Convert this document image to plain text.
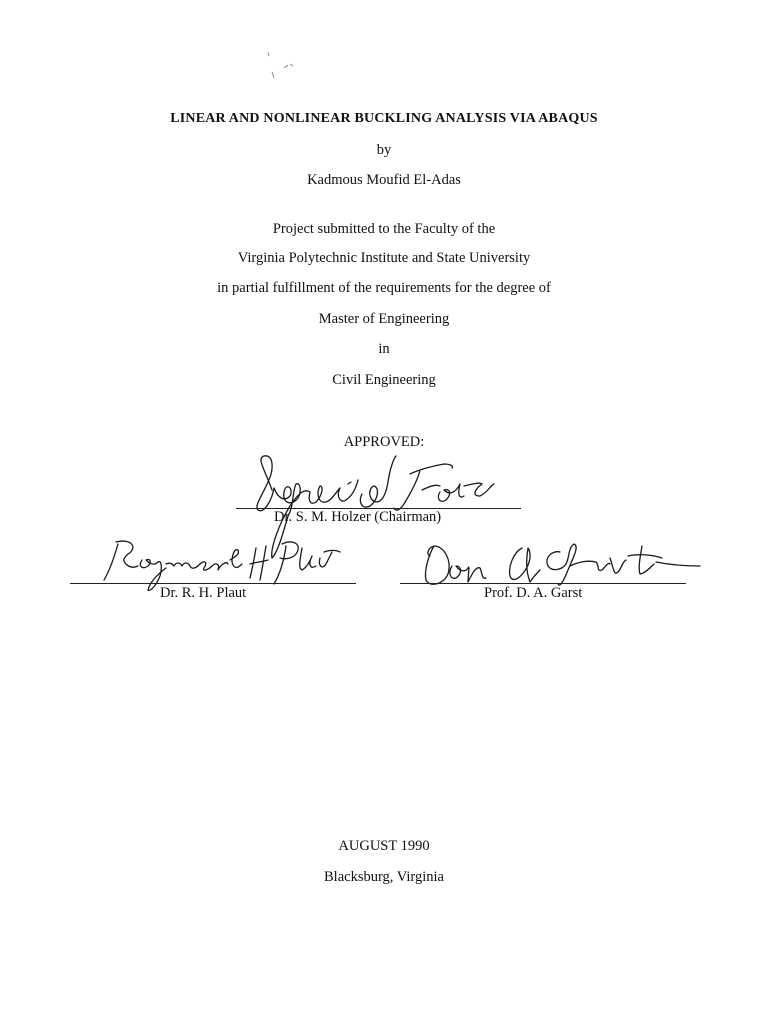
LINEAR AND NONLINEAR BUCKLING ANALYSIS VIA ABAQUS
by
Kadmous Moufid El-Adas
Project submitted to the Faculty of the
Virginia Polytechnic Institute and State University
in partial fulfillment of the requirements for the degree of
Master of Engineering
in
Civil Engineering
APPROVED:
Dr. S. M. Holzer (Chairman)
Dr. R. H. Plaut	Prof. D. A. Garst
AUGUST 1990
Blacksburg, Virginia
